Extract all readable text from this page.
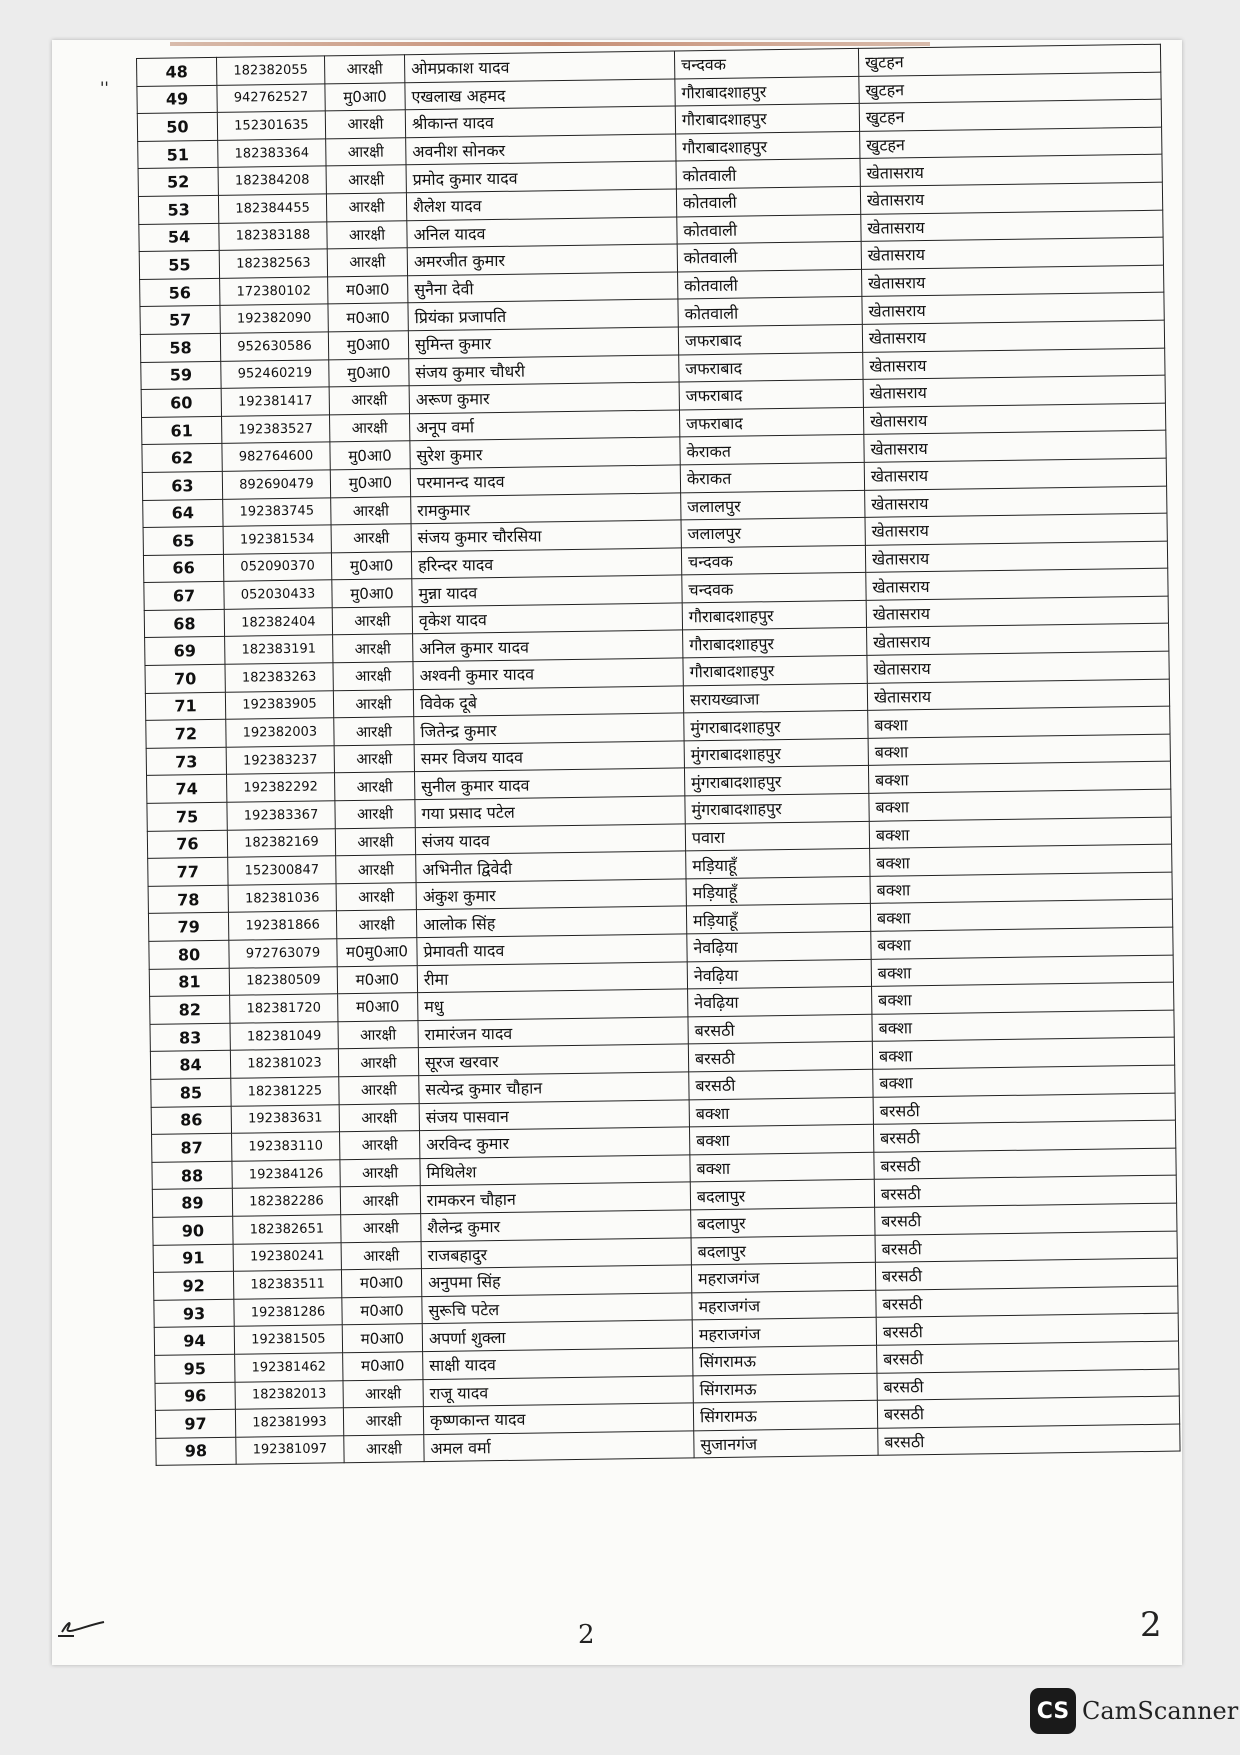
''
48	182382055	आरक्षी	ओमप्रकाश यादव	चन्दवक	खुटहन
49	942762527	मु0आ0	एखलाख अहमद	गौराबादशाहपुर	खुटहन
50	152301635	आरक्षी	श्रीकान्त यादव	गौराबादशाहपुर	खुटहन
51	182383364	आरक्षी	अवनीश सोनकर	गौराबादशाहपुर	खुटहन
52	182384208	आरक्षी	प्रमोद कुमार यादव	कोतवाली	खेतासराय
53	182384455	आरक्षी	शैलेश यादव	कोतवाली	खेतासराय
54	182383188	आरक्षी	अनिल यादव	कोतवाली	खेतासराय
55	182382563	आरक्षी	अमरजीत कुमार	कोतवाली	खेतासराय
56	172380102	म0आ0	सुनैना देवी	कोतवाली	खेतासराय
57	192382090	म0आ0	प्रियंका प्रजापति	कोतवाली	खेतासराय
58	952630586	मु0आ0	सुमिन्त कुमार	जफराबाद	खेतासराय
59	952460219	मु0आ0	संजय कुमार चौधरी	जफराबाद	खेतासराय
60	192381417	आरक्षी	अरूण कुमार	जफराबाद	खेतासराय
61	192383527	आरक्षी	अनूप वर्मा	जफराबाद	खेतासराय
62	982764600	मु0आ0	सुरेश कुमार	केराकत	खेतासराय
63	892690479	मु0आ0	परमानन्द यादव	केराकत	खेतासराय
64	192383745	आरक्षी	रामकुमार	जलालपुर	खेतासराय
65	192381534	आरक्षी	संजय कुमार चौरसिया	जलालपुर	खेतासराय
66	052090370	मु0आ0	हरिन्दर यादव	चन्दवक	खेतासराय
67	052030433	मु0आ0	मुन्ना यादव	चन्दवक	खेतासराय
68	182382404	आरक्षी	वृकेश यादव	गौराबादशाहपुर	खेतासराय
69	182383191	आरक्षी	अनिल कुमार यादव	गौराबादशाहपुर	खेतासराय
70	182383263	आरक्षी	अश्वनी कुमार यादव	गौराबादशाहपुर	खेतासराय
71	192383905	आरक्षी	विवेक दूबे	सरायख्वाजा	खेतासराय
72	192382003	आरक्षी	जितेन्द्र कुमार	मुंगराबादशाहपुर	बक्शा
73	192383237	आरक्षी	समर विजय यादव	मुंगराबादशाहपुर	बक्शा
74	192382292	आरक्षी	सुनील कुमार यादव	मुंगराबादशाहपुर	बक्शा
75	192383367	आरक्षी	गया प्रसाद पटेल	मुंगराबादशाहपुर	बक्शा
76	182382169	आरक्षी	संजय यादव	पवारा	बक्शा
77	152300847	आरक्षी	अभिनीत द्विवेदी	मड़ियाहूँ	बक्शा
78	182381036	आरक्षी	अंकुश कुमार	मड़ियाहूँ	बक्शा
79	192381866	आरक्षी	आलोक सिंह	मड़ियाहूँ	बक्शा
80	972763079	म0मु0आ0	प्रेमावती यादव	नेवढ़िया	बक्शा
81	182380509	म0आ0	रीमा	नेवढ़िया	बक्शा
82	182381720	म0आ0	मधु	नेवढ़िया	बक्शा
83	182381049	आरक्षी	रामारंजन यादव	बरसठी	बक्शा
84	182381023	आरक्षी	सूरज खरवार	बरसठी	बक्शा
85	182381225	आरक्षी	सत्येन्द्र कुमार चौहान	बरसठी	बक्शा
86	192383631	आरक्षी	संजय पासवान	बक्शा	बरसठी
87	192383110	आरक्षी	अरविन्द कुमार	बक्शा	बरसठी
88	192384126	आरक्षी	मिथिलेश	बक्शा	बरसठी
89	182382286	आरक्षी	रामकरन चौहान	बदलापुर	बरसठी
90	182382651	आरक्षी	शैलेन्द्र कुमार	बदलापुर	बरसठी
91	192380241	आरक्षी	राजबहादुर	बदलापुर	बरसठी
92	182383511	म0आ0	अनुपमा सिंह	महराजगंज	बरसठी
93	192381286	म0आ0	सुरूचि पटेल	महराजगंज	बरसठी
94	192381505	म0आ0	अपर्णा शुक्ला	महराजगंज	बरसठी
95	192381462	म0आ0	साक्षी यादव	सिंगरामऊ	बरसठी
96	182382013	आरक्षी	राजू यादव	सिंगरामऊ	बरसठी
97	182381993	आरक्षी	कृष्णकान्त यादव	सिंगरामऊ	बरसठी
98	192381097	आरक्षी	अमल वर्मा	सुजानगंज	बरसठी
2	2
CS CamScanner
